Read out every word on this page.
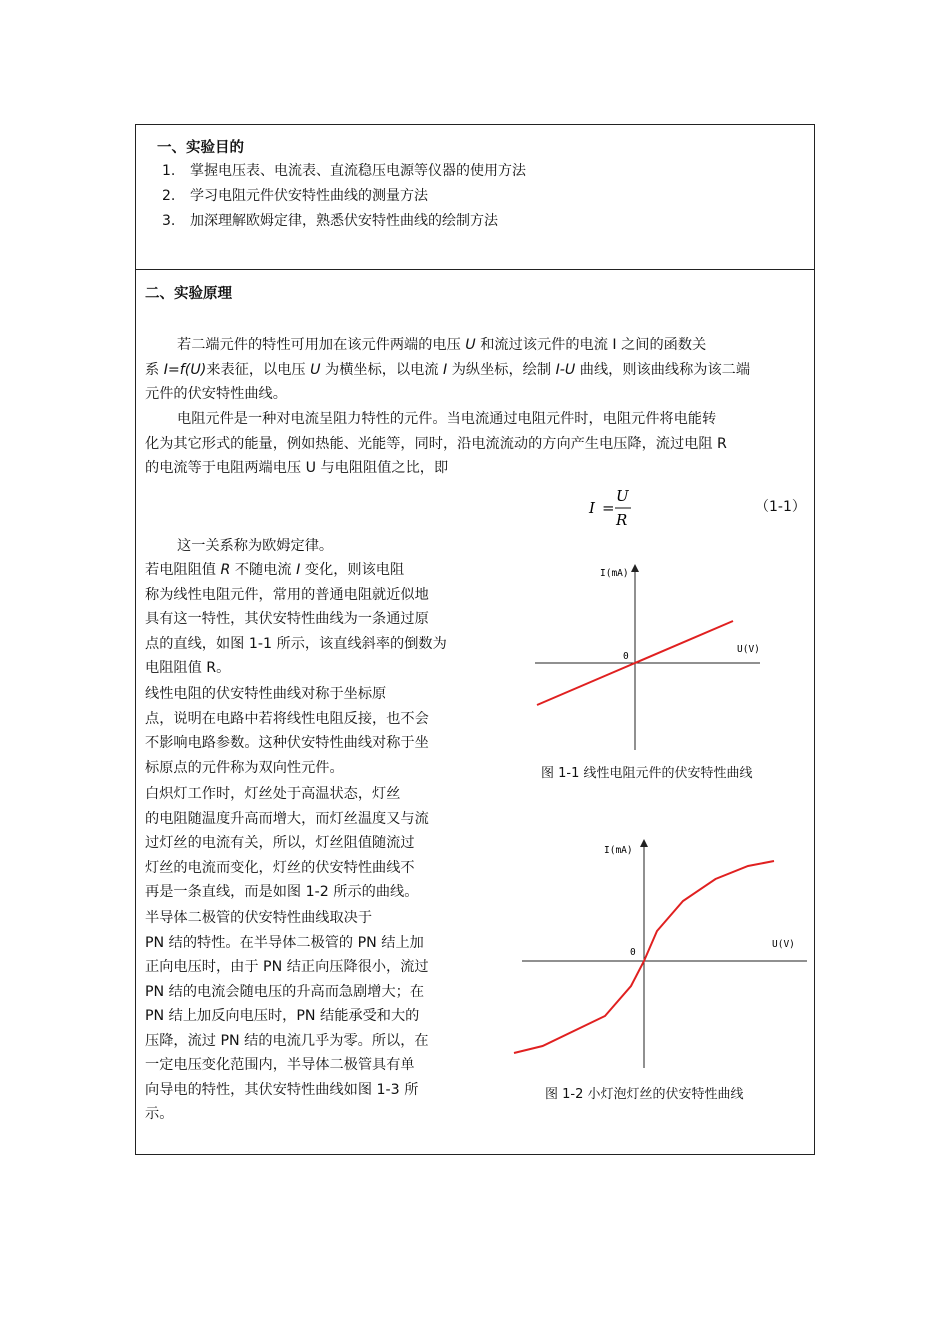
一、实验目的
1. 掌握电压表、电流表、直流稳压电源等仪器的使用方法
2. 学习电阻元件伏安特性曲线的测量方法
3. 加深理解欧姆定律，熟悉伏安特性曲线的绘制方法
二、实验原理
若二端元件的特性可用加在该元件两端的电压 U 和流过该元件的电流 I 之间的函数关
系 I=f(U)来表征，以电压 U 为横坐标，以电流 I 为纵坐标，绘制 I-U 曲线，则该曲线称为该二端
元件的伏安特性曲线。
电阻元件是一种对电流呈阻力特性的元件。当电流通过电阻元件时，电阻元件将电能转
化为其它形式的能量，例如热能、光能等，同时，沿电流流动的方向产生电压降，流过电阻 R
的电流等于电阻两端电压 U 与电阻阻值之比，即
I =
U
R
（1-1）
这一关系称为欧姆定律。
若电阻阻值 R 不随电流 I 变化，则该电阻
称为线性电阻元件，常用的普通电阻就近似地
具有这一特性，其伏安特性曲线为一条通过原
点的直线，如图 1-1 所示，该直线斜率的倒数为
电阻阻值 R。
线性电阻的伏安特性曲线对称于坐标原
点，说明在电路中若将线性电阻反接，也不会
不影响电路参数。这种伏安特性曲线对称于坐
标原点的元件称为双向性元件。
白炽灯工作时，灯丝处于高温状态，灯丝
的电阻随温度升高而增大，而灯丝温度又与流
过灯丝的电流有关，所以，灯丝阻值随流过
灯丝的电流而变化，灯丝的伏安特性曲线不
再是一条直线，而是如图 1-2 所示的曲线。
半导体二极管的伏安特性曲线取决于
PN 结的特性。在半导体二极管的 PN 结上加
正向电压时，由于 PN 结正向压降很小，流过
PN 结的电流会随电压的升高而急剧增大；在
PN 结上加反向电压时，PN 结能承受和大的
压降，流过 PN 结的电流几乎为零。所以，在
一定电压变化范围内，半导体二极管具有单
向导电的特性，其伏安特性曲线如图 1-3 所
示。
I(mA)
U(V)
0
图 1-1 线性电阻元件的伏安特性曲线
I(mA)
U(V)
0
图 1-2 小灯泡灯丝的伏安特性曲线
